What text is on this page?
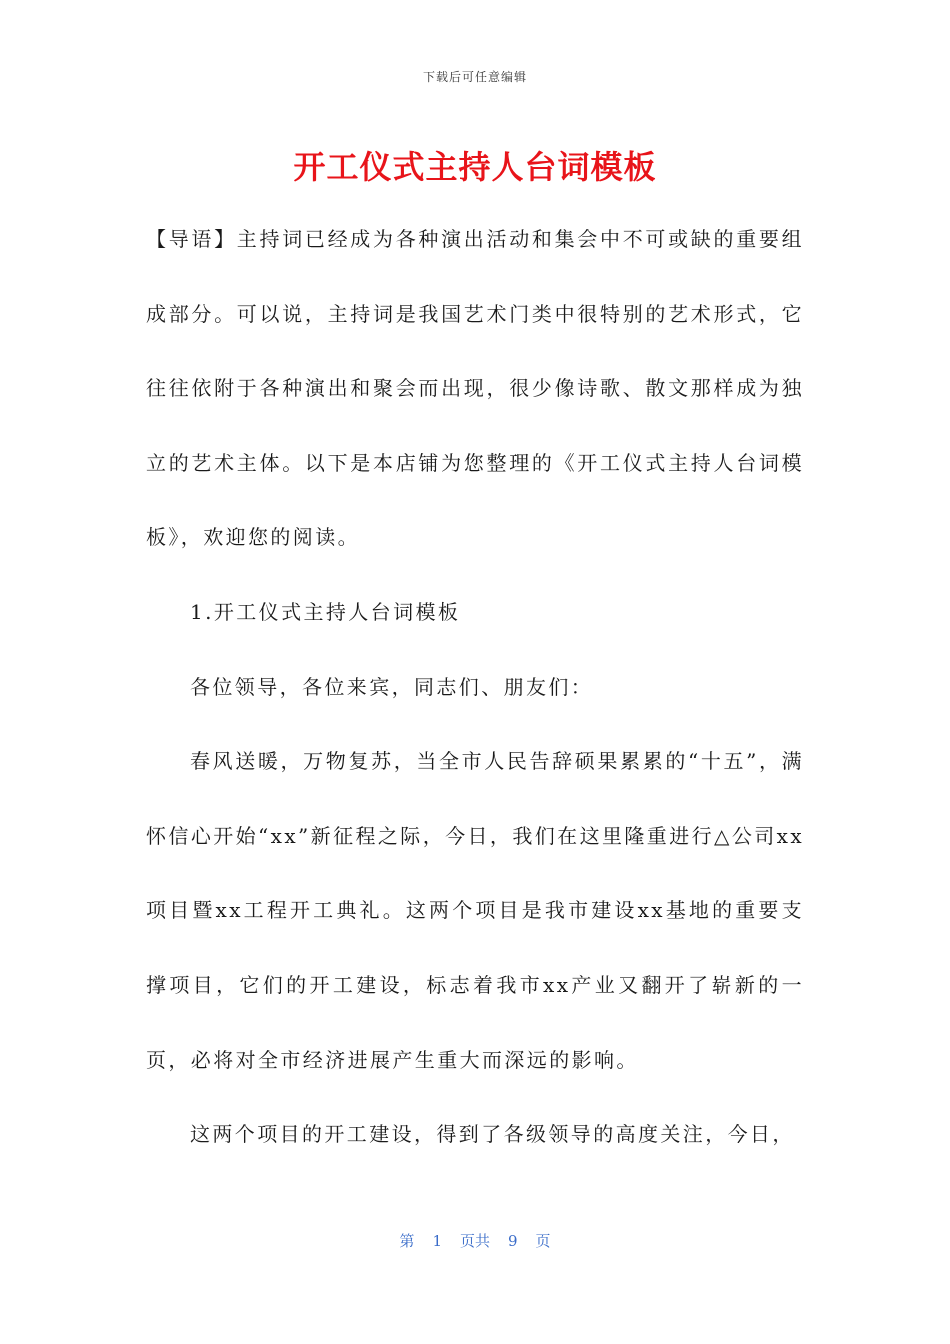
下载后可任意编辑
开工仪式主持人台词模板

【导语】主持词已经成为各种演出活动和集会中不可或缺的重要组成部分。可以说，主持词是我国艺术门类中很特别的艺术形式，它往往依附于各种演出和聚会而出现，很少像诗歌、散文那样成为独立的艺术主体。以下是本店铺为您整理的《开工仪式主持人台词模板》，欢迎您的阅读。

1.开工仪式主持人台词模板

各位领导，各位来宾，同志们、朋友们：

春风送暖，万物复苏，当全市人民告辞硕果累累的“十五”，满怀信心开始“xx”新征程之际，今日，我们在这里隆重进行△公司xx项目暨xx工程开工典礼。这两个项目是我市建设xx基地的重要支撑项目，它们的开工建设，标志着我市xx产业又翻开了崭新的一页，必将对全市经济进展产生重大而深远的影响。

这两个项目的开工建设，得到了各级领导的高度关注，今日，

第 1 页共 9 页
